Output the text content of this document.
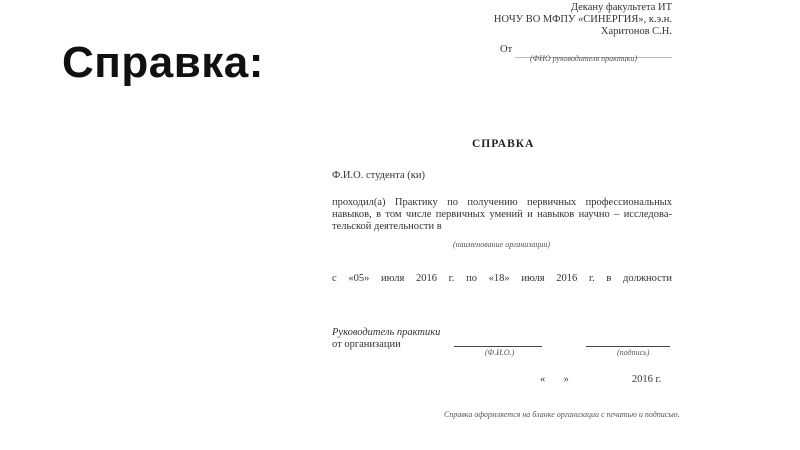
Справка:
Декану факультета ИТ
НОЧУ ВО МФПУ «СИНЕРГИЯ», к.э.н.
Харитонов С.Н.
От
(ФИО руководителя практики)
СПРАВКА
Ф.И.О. студента (ки)
проходил(а) Практику по получению первичных профессиональных
навыков, в том числе первичных умений и навыков научно – исследова-
тельской деятельности в
(наименование организации)
с «05» июля 2016 г. по «18» июля 2016 г. в должности
Руководитель практики
от организации
(Ф.И.О.)	(подпись)
«       »                        2016 г.
Справка оформляется на бланке организации с печатью и подписью.
